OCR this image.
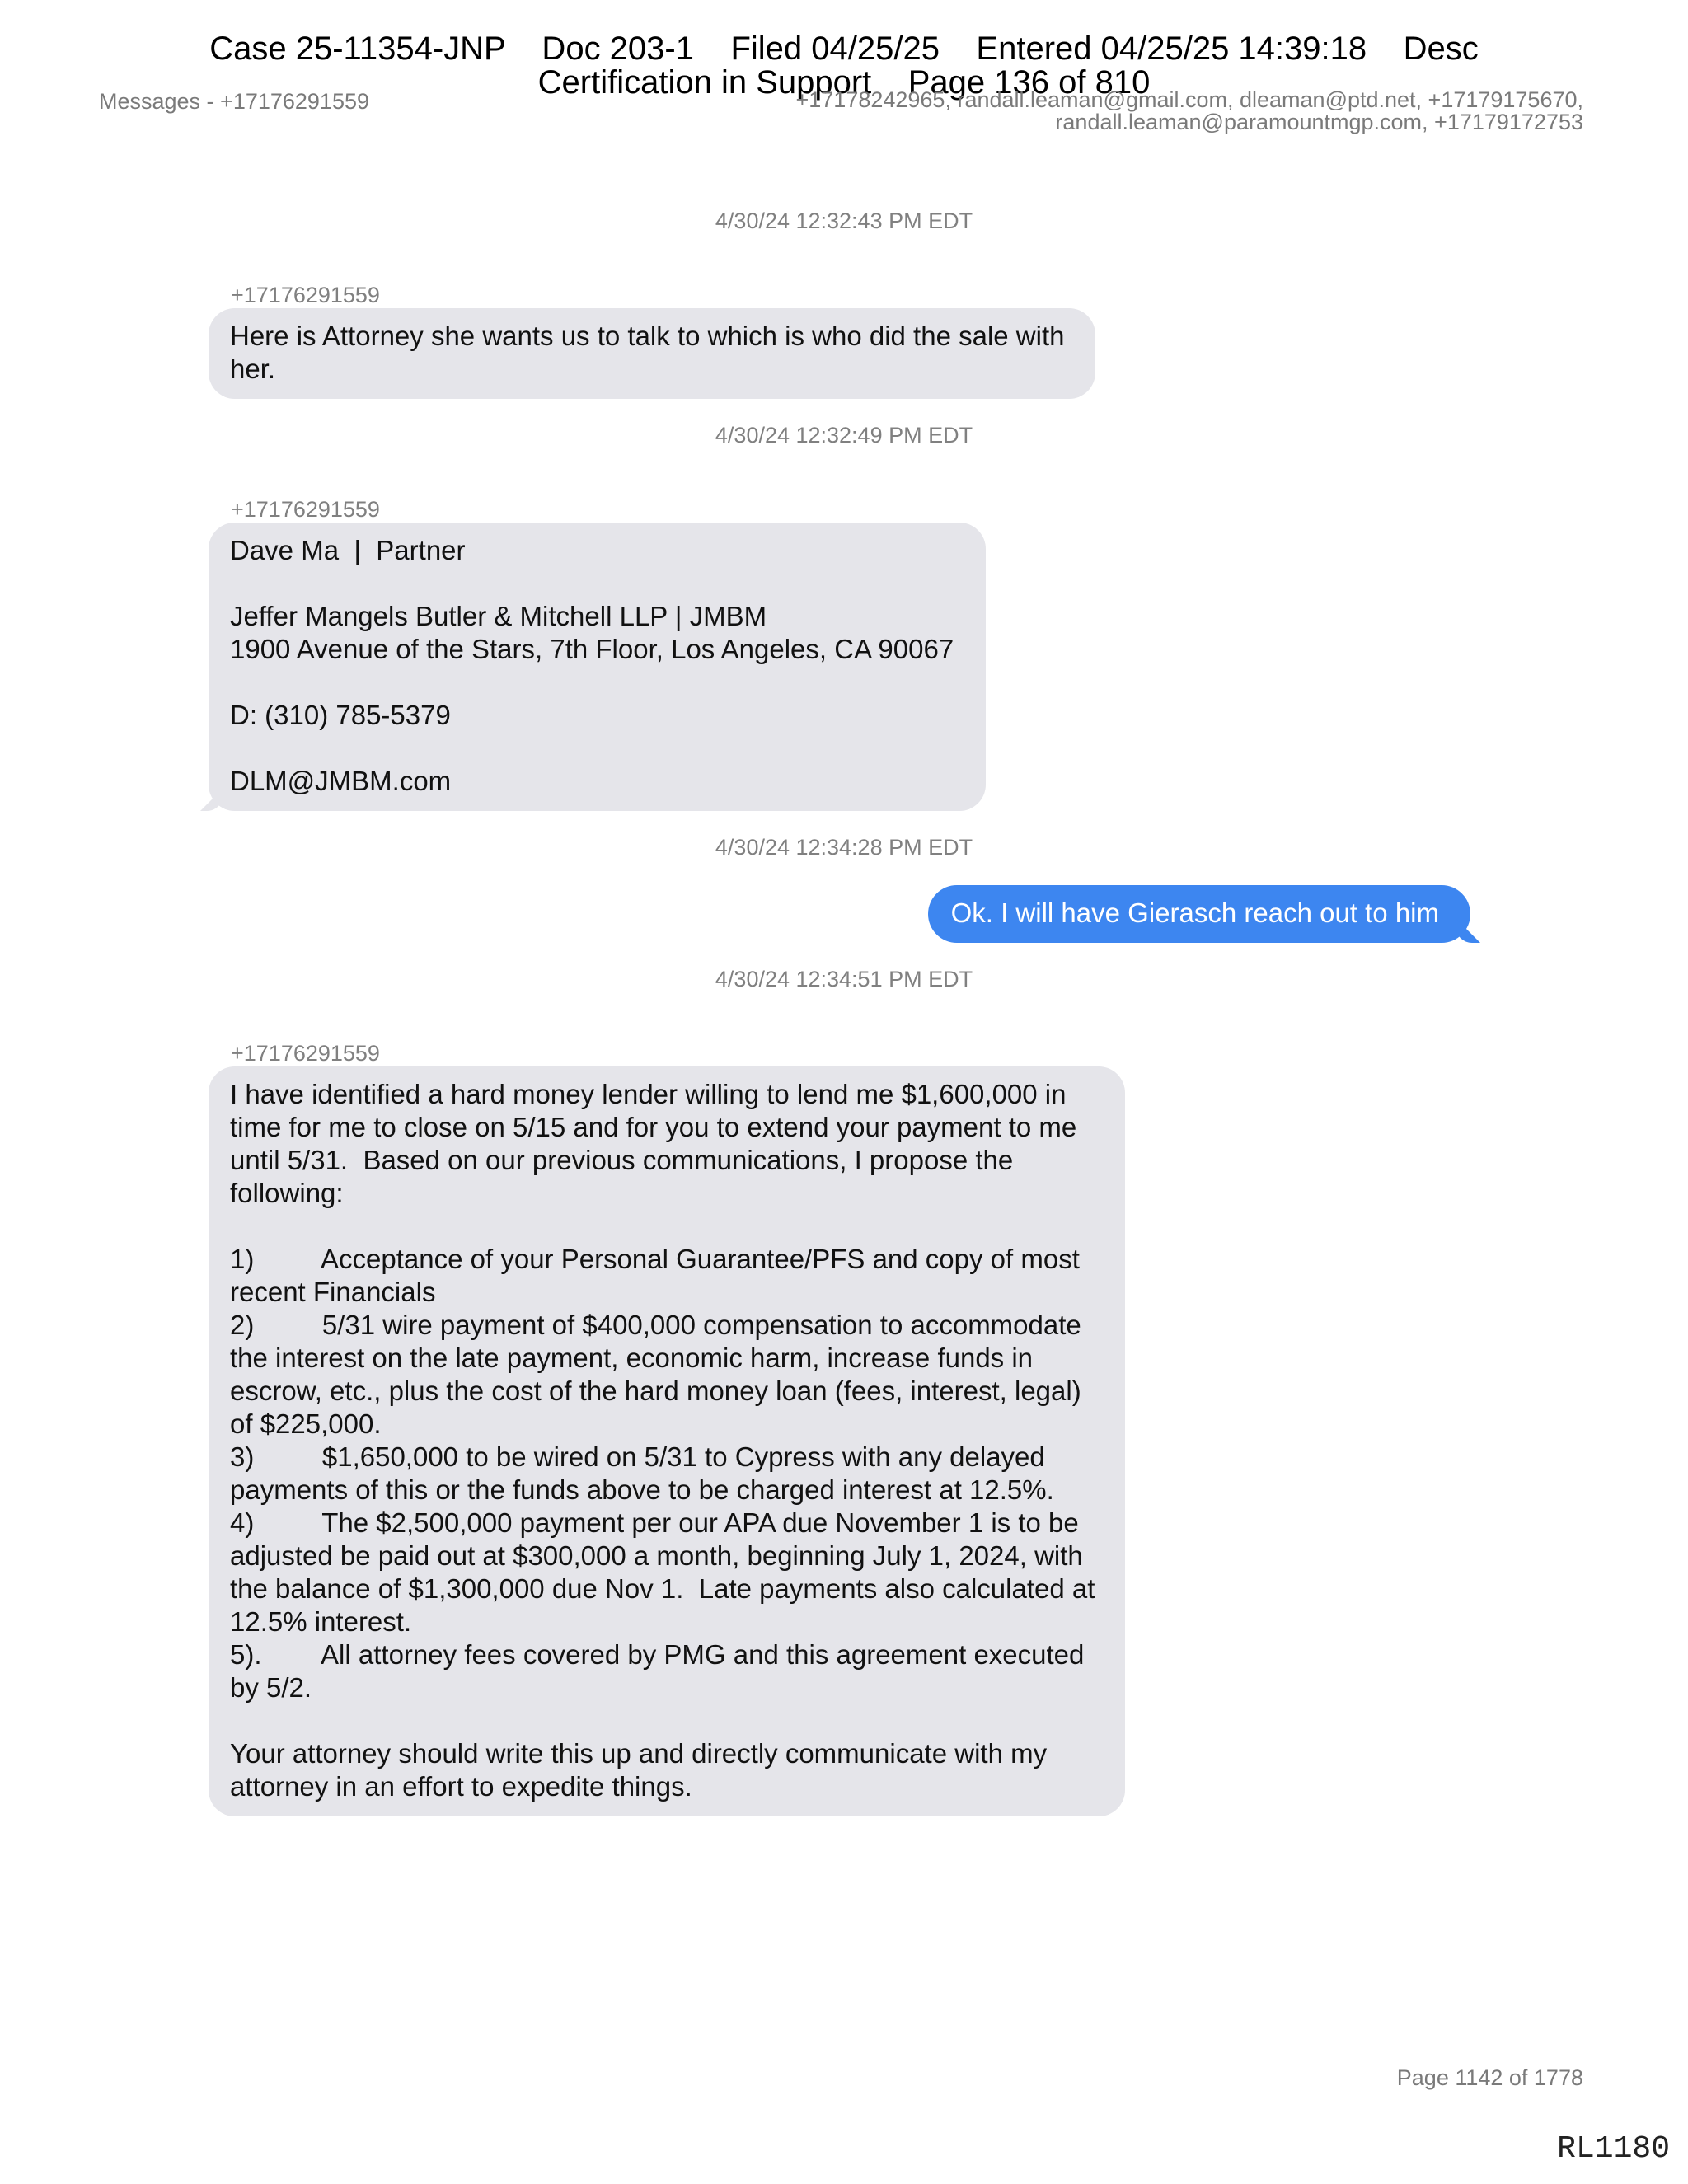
Case 25-11354-JNP    Doc 203-1    Filed 04/25/25    Entered 04/25/25 14:39:18    Desc
Certification in Support    Page 136 of 810
Messages - +17176291559	+17178242965, randall.leaman@gmail.com, dleaman@ptd.net, +17179175670, randall.leaman@paramountmgp.com, +17179172753
4/30/24 12:32:43 PM EDT
+17176291559
Here is Attorney she wants us to talk to which is who did the sale with her.
4/30/24 12:32:49 PM EDT
+17176291559
Dave Ma  |  Partner

Jeffer Mangels Butler & Mitchell LLP | JMBM
1900 Avenue of the Stars, 7th Floor, Los Angeles, CA 90067

D: (310) 785-5379

DLM@JMBM.com
4/30/24 12:34:28 PM EDT
Ok. I will have Gierasch reach out to him
4/30/24 12:34:51 PM EDT
+17176291559
I have identified a hard money lender willing to lend me $1,600,000 in time for me to close on 5/15 and for you to extend your payment to me until 5/31.  Based on our previous communications, I propose the following:

1)         Acceptance of your Personal Guarantee/PFS and copy of most recent Financials
2)         5/31 wire payment of $400,000 compensation to accommodate the interest on the late payment, economic harm, increase funds in escrow, etc., plus the cost of the hard money loan (fees, interest, legal) of $225,000.
3)         $1,650,000 to be wired on 5/31 to Cypress with any delayed payments of this or the funds above to be charged interest at 12.5%.
4)         The $2,500,000 payment per our APA due November 1 is to be adjusted be paid out at $300,000 a month, beginning July 1, 2024, with the balance of $1,300,000 due Nov 1.  Late payments also calculated at 12.5% interest.
5).        All attorney fees covered by PMG and this agreement executed by 5/2.

Your attorney should write this up and directly communicate with my attorney in an effort to expedite things.
Page 1142 of 1778
RL1180
